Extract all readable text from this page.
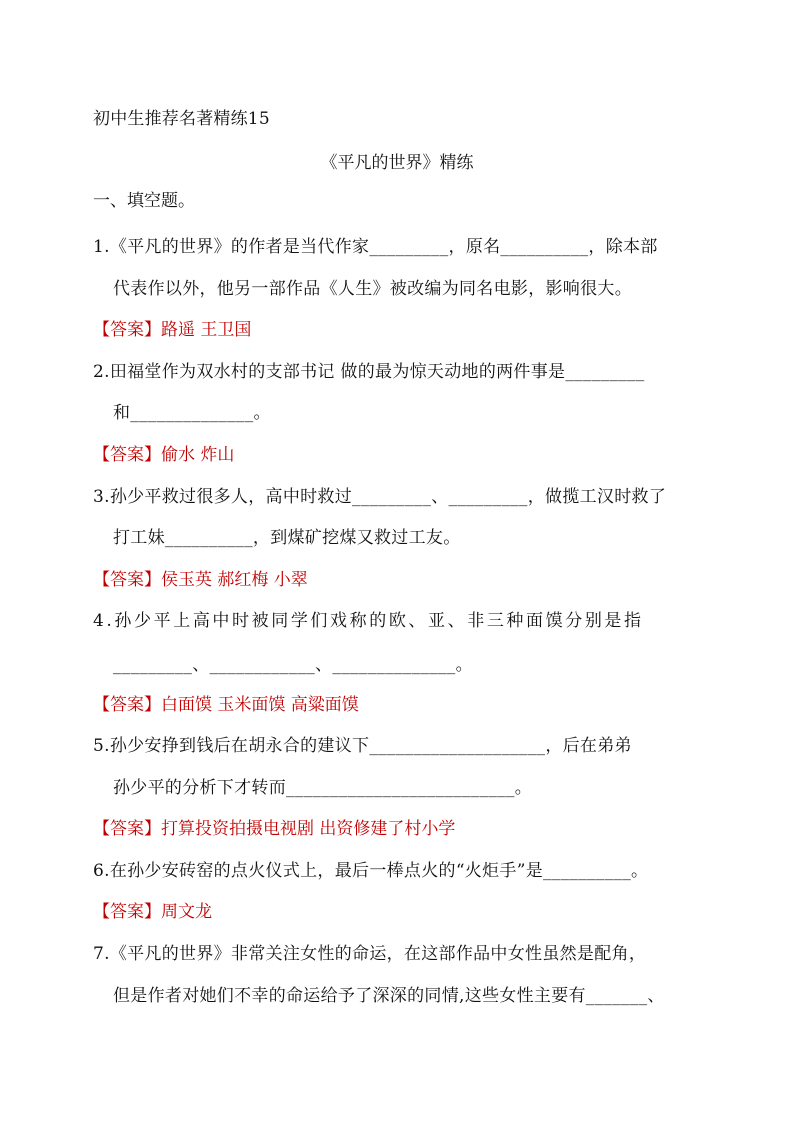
初中生推荐名著精练15
《平凡的世界》精练
一、填空题。
1.《平凡的世界》的作者是当代作家_________，原名__________，除本部
代表作以外，他另一部作品《人生》被改编为同名电影，影响很大。
【答案】路遥 王卫国
2.田福堂作为双水村的支部书记 做的最为惊天动地的两件事是_________
和______________。
【答案】偷水 炸山
3.孙少平救过很多人，高中时救过_________、_________，做揽工汉时救了
打工妹__________，到煤矿挖煤又救过工友。
【答案】侯玉英 郝红梅 小翠
4.孙少平上高中时被同学们戏称的欧、亚、非三种面馍分别是指
_________、____________、______________。
【答案】白面馍 玉米面馍 高粱面馍
5.孙少安挣到钱后在胡永合的建议下____________________，后在弟弟
孙少平的分析下才转而__________________________。
【答案】打算投资拍摄电视剧 出资修建了村小学
6.在孙少安砖窑的点火仪式上，最后一棒点火的“火炬手”是__________。
【答案】周文龙
7.《平凡的世界》非常关注女性的命运，在这部作品中女性虽然是配角，
但是作者对她们不幸的命运给予了深深的同情,这些女性主要有_______、
